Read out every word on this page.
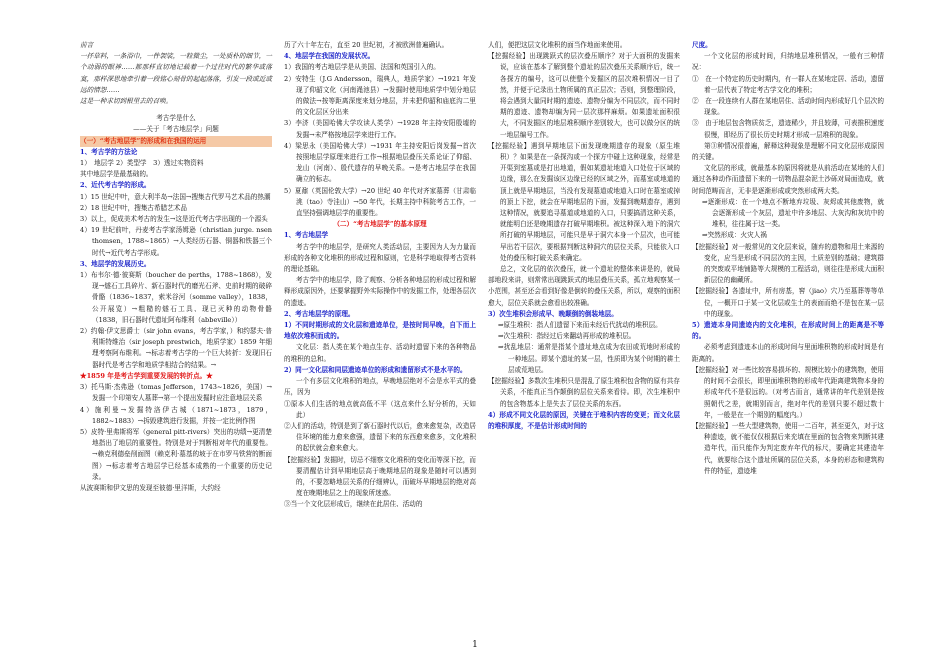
前言

一抔草料，一条浴巾，一件袈裟，一粒微尘，一处质朴的细节，一个动弱的眼神……都那样直切地记载着一个过往时代的繁华或落寞，那样深思地牵引着一段铭心刻骨的起起落落，引发一段或近或远的情怨……

这是一种求切到根里去的召唤。

考古学是什么

——关于「考古地层学」问题

（一）“考古地层学”的形成和在我国的运用

1、考古学的方法论

1）　地层学 2）类型学　3）透过实物资料

其中地层学是最基础的。

2、近代考古学的形成。

1）15 世纪中叶，意大利半岛→法国→搜集古代罗马艺术品的热潮

2）18 世纪中叶，搜集古希腊艺术品

3）以上，促成美术考古的发生→这是近代考古学出现的一个源头

4）19 世纪前叶，丹麦考古学家汤姆逊（christian jurge. nsen thomsen，1788~1865）→人类经历石器、铜器和铁器三个时代→近代考古学形成。

3、地层学的发展历史。

1）布韦尔·德·彼赛斯（boucher de perths，1788~1868），发现→燧石工具碎片、新石器时代的磨光石斧、史前时期的破碎骨骼（1836~1837，索米谷河（somme valley），1838，公开展览）→粗糙的燧石工具、现已灭种的动物骨骼（1838，旧石器时代遗址阿布维利（abbeville））

2）约翰·伊文思爵士（sir john evans，考古学家，）和约瑟夫·普利斯特维治（sir joseph prestwich，地质学家）1859 年细理考察阿布维利。→标志着考古学的一个巨大转折：发现旧石器时代是考古学和地质学相结合的结果。→

★1859 年是考古学到重要发展的转折点。★

3）托马斯·杰弗逊（tomas Jefferson，1743~1826，美国）→发掘一个印第安人墓葬→第一个提出发掘时应注意地层关系

4）施利曼→发掘特洛伊古城（1871~1873，1879，1882~1883）→拆毁建筑进行发掘，并按一定比例作图

5）皮特·里弗斯将军（general pitt-rivers）突出的功绩→更清楚地指出了地层的重要性。特别是对于判断相对年代的重要性。→赖克利德垒削面图（赖克利·墓基的坡于在市罗马铁营的断面图）→标志着考古地层学已经基本成熟的一个重要的历史记录。

从波赛斯和伊文思的发现至彼德·里洋斯，大约经

历了六十年左右，直至 20 世纪初，才被欧洲普遍确认。

4、地层学在我国的发展状况。

1）我国的考古地层学是从美国、法国和英国引入的。

2）安特生（J.G Andersson，瑞典人，地质学家）→1921 年发现了仰韶文化（河南渑池县）→发掘时使用地质学中划分地层的做法→按等距离深度来划分地层，并未把仰韶和庙底沟二里的文化层区分出来

3）李济（美国哈佛大学攻读人类学）→1928 年主持安阳殷墟的发掘→未严格按地层学来进行工作。

4）梁思永（美国哈佛大学）→1931 年主持安阳后岗发掘→首次按照地层学原理来进行工作→根据地层叠压关系论证了仰韶、龙山（河南）、殷代遗存的早晚关系。→是考古地层学在我国确立的标志。

5）夏鼐（英国伦敦大学）→20 世纪 40 年代对齐家墓葬（甘肃临洮（tao）寺洼山）→50 年代，长期主持中科院考古工作，一直坚持强调地层学的重要性。

（二）“考古地层学”的基本原理

1、考古地层学

考古学中的地层学，是研究人类活动层，主要因为人为力量而形成的各种文化堆积的形成过程和原则，它是科学地取得考古资料的理论基础。

考古学中的地层学，除了观察、分析各种地层的形成过程和解释形成原因外，还要掌握野外实际操作中的发掘工作，处理各层次的遗迹。

2、考古地层学的原理。

1）不同时期形成的文化层和遗迹单位，是按时间早晚，自下而上地依次堆积而成的。

文化层：指人类在某个地点生存、活动时遗留下来的各种物品的堆积的总和。

2）同一文化层和同层遗迹单位的形成和遗留形式不是水平的。

一个有多层文化堆积的地点，早晚地层绝对不会是水平式的叠压，因为

①原本人们生活的地点就高低不平（这点来什么好分析的，天如此）

②人们的活动，特别是到了新石器时代以后，愈来愈复杂，改造居住环境的能力愈来愈强，遗留下来的东西愈来愈多，文化堆积的起伏就会愈来愈大。

【挖掘经验】发掘时，切忌不细察文化堆积的变化而等深下挖，而要清醒估计到早期地层高于晚期地层的现象是随时可以遇到的，不要忽略地层关系的仔细辨认，而破坏早期地层的绝对高度在晚期地层之上的现象所迷惑。

③当一个文化层形成后，继续在此居住、活动的

人们，便把这层文化堆积的面当作地面来使用。

【挖掘经验】出现跳跃式的层次叠压顺序？对于大面积的发掘来说，应该在基本了解到整个遗址的层次叠压关系顺序后，统一各探方的编号，这可以使整个发掘区的层次堆积情况一目了然，并便于记录出土物所属的真正层次；否则，到整理阶段，将会遇到大量同时期的遗迹、遗物分编为不同层次，而不同时期的遗迹、遗物却编为同一层次那样麻烦。如果遗址面积很大，不同发掘区的地层堆积顺序差别较大，也可以做分区的统一地层编号工作。

【挖掘经验】遇到早期地层下面发现晚期遗存的现象（原生堆积）？如果是在一条探沟或一个探方中碰上这种现象，经常是开渠到室墓或是打出地道，假如某遗址地道入口处位于区域的边缘，那么在发掘该区边缘已经的区域之外，而墓室或地道的顶上就是早期地层，当没有发现墓道或地道入口时在墓室或掉的顶上下挖，就会在早期地层的下面，发掘到晚期遗存，遇到这种情况，就要追寻墓道或地道的入口，只要搞清这种关系，就能明白还是晚期遗存打破早期堆积。被这种深入地下的洞穴所打破的早期地层，可能只是早于洞穴本身一个层次，也可能早出若干层次，要根据判断这种洞穴的层位关系，只能依入口处的叠压和打破关系来确定。

总之，文化层的依次叠压，就一个遗址的整体来讲是的，就局部地段来讲，则常常出现跳跃式的地层叠压关系，孤立地观察某一小范围，甚至还会看到好像是倒转的叠压关系，所以，观察的面积愈大，层位关系就会愈看出较准确。

3）次生堆积会形成早、晚颠倒的倒装地层。

⇒原生堆积：指人们遗留下来而未经后代扰动的堆积层。

⇒次生堆积：指经过后来翻动再形成的堆积层。

⇒扰乱地层：通常是指某个遗址地点成为农田或荒地时形成的一种地层。即某个遗址的某一层，性质即为某个时期的耕土层或荒地层。

【挖掘经验】多数次生堆积只是混乱了原生堆积包含物的原有共存关系，不能真正当作颠倒的层位关系来看待。即，次生堆积中的包含物基本上是失去了层位关系的东西。

4）形成不同文化层的原因，关键在于堆积内容的变更；而文化层的堆积厚度，不是估计形成时间的

尺度。

一个文化层的形成时间，归纳地层堆积情况，一般有三种情况：

①　在一个特定的历史时期内，有一群人在某地定居、活动，遗留着一层代表了特定考古学文化的堆积；

②　在一段连续有人群在某地居住、活动时间内形成好几个层次的现象。

③　由于地层包含物质贫乏，遗迹稀少，并且较薄，可表推积速度很慢，即经历了很长历史时期才形成一层堆积的现象。

第③种情况很普遍，解释这种现象是理解不同文化层形成原因的关键。

文化层的形成，就最基本的原因将就是从前活动在某地的人们通过各种动作而遗留下来的一切物品混杂泥土沙砾对局面造成，就时间范畴而言，无非是逐渐形成或突然形成两大类。

⇒逐渐形成：在一个地点不断地弃垃圾、灰烬或其他废物，就会逐渐形成一个灰层，遗址中许多地层、大灰沟和灰坑中的堆积，往往属于这一类。

⇒突然形成：火灾人祸

【挖掘经验】对一般常见的文化层来说，随弃的遗物和用土来源的变化，应当是形成不同层次的主因，土质差别的基础；建筑群的突废或平地铺路等大规模的工程活动，则往往是形成大面积新层位的幽藏所。

【挖掘经验】各遗址中，所有房基，窖（jiao）穴乃至墓葬等等单位，一概开口于某一文化层或生土的表面而绝不是包在某一层中的现象。

5）遗迹本身同遗迹内的文化堆积，在形成时间上的距离是不等的。

必须考虑到遗迹本山的形成时间与里面堆积物的形成时间是有距离的。

【挖掘经验】对一些比较容易损坏的、规模比较小的建筑物，使用的时间不会很长，即里面堆积物的形成年代距离建筑物本身的形成年代不是很远的。（对考古而言，通常讲的年代差别是按照朝代之差，就期别而言，绝对年代的差别只要不超过数十年，一般是在一个期别的幅度内。）

【挖掘经验】一些大型建筑物，使用一二百年，甚至更久，对于这种遗迹，就不能仅仅根据后来充填在里面的包含物来判断其建造年代，而只能作为判定废弃年代的标尺，要确定其建造年代，就要综合这个遗址所属的层位关系，本身的形态和建筑构件的特征，遗迹堆

1
